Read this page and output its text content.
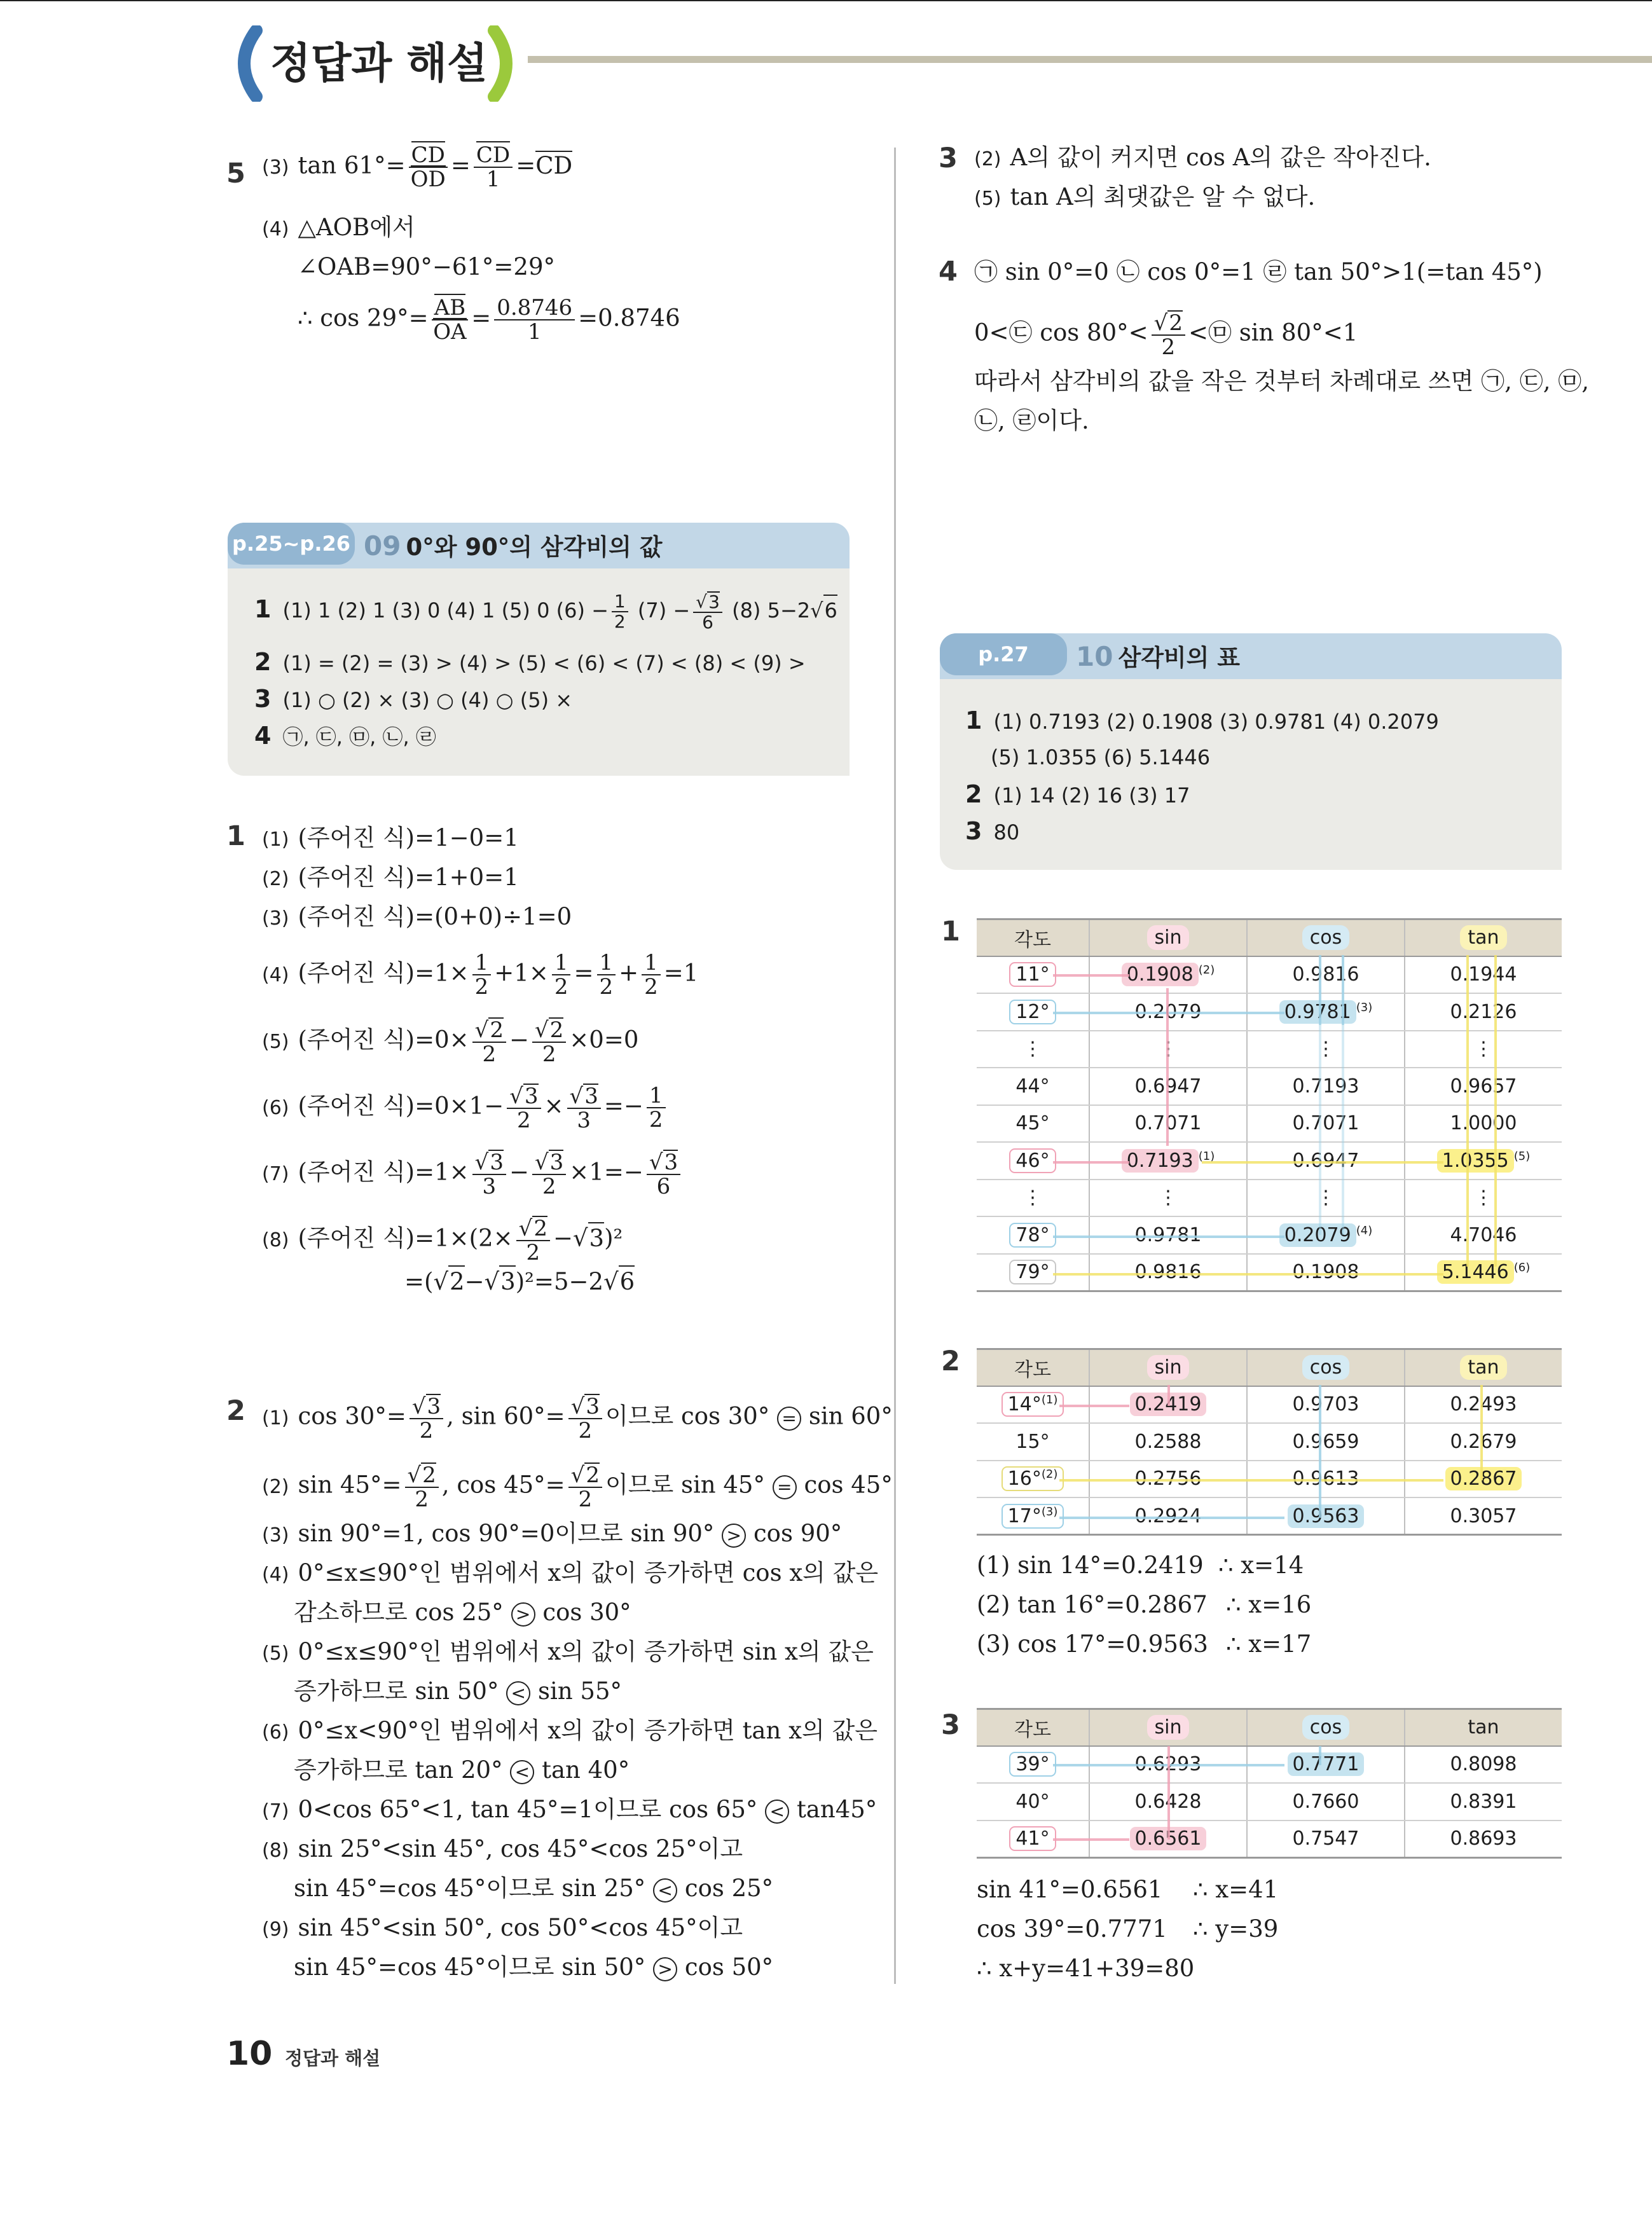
정답과 해설
5 (3) $\tan 61^\circ= \frac{CD}{OD} = \frac{CD}{1} =CD$
(4) △AOB에서
∠OAB=90°−61°=29°
∴ $\cos 29^\circ= \frac{AB}{OA} = \frac{0.8746}{1} =0.8746$
p.25~p.26 09 0°와 90°의 삼각비의 값
1 (1) 1 (2) 1 (3) 0 (4) 1 (5) 0 $(6) - \frac{1}{2} (7) - \frac{√3}{6} (8)$ 5−2√6
2 (1) = (2) = (3) > (4) > (5) < (6) < (7) < (8) < (9) >
3 (1) ○ (2) × (3) ○ (4) ○ (5) ×
4 ㉠, ㉢, ㉤, ㉡, ㉣
1 (1) (주어진 식)=1−0=1
(2) (주어진 식)=1+0=1
(3) (주어진 식)=(0+0)÷1=0
(4) (주어진 식)$=1\times \frac{1}{2} +1\times \frac{1}{2} = \frac{1}{2} + \frac{1}{2} =1$
(5) (주어진 식)$=0\times \frac{√2}{2} - \frac{√2}{2} \times 0=0$
(6) (주어진 식)$=0\times 1- \frac{√3}{2} \times \frac{√3}{3} =- \frac{1}{2}$
(7) (주어진 식)$=1\times \frac{√3}{3} - \frac{√3}{2} \times 1=- \frac{√3}{6}$
(8) (주어진 식)$=1\times(2\times \frac{√2}{2} -√3)^2$
=(√2−√3)²=5−2√6
2 (1) $\cos 30^\circ= \frac{√3}{2}$ , $\sin 60^\circ= \frac{√3}{2}$ 이므로 cos 30° = sin 60°
(2) $\sin 45^\circ= \frac{√2}{2}$ , $\cos 45^\circ= \frac{√2}{2}$ 이므로 sin 45° = cos 45°
(3) sin 90°=1, cos 90°=0이므로 sin 90° > cos 90°
(4) 0°≤x≤90°인 범위에서 x의 값이 증가하면 cos x의 값은
감소하므로 cos 25° > cos 30°
(5) 0°≤x≤90°인 범위에서 x의 값이 증가하면 sin x의 값은
증가하므로 sin 50° < sin 55°
(6) 0°≤x<90°인 범위에서 x의 값이 증가하면 tan x의 값은
증가하므로 tan 20° < tan 40°
(7) 0<cos 65°<1, tan 45°=1이므로 cos 65° < tan45°
(8) sin 25°<sin 45°, cos 45°<cos 25°이고
sin 45°=cos 45°이므로 sin 25° < cos 25°
(9) sin 45°<sin 50°, cos 50°<cos 45°이고
sin 45°=cos 45°이므로 sin 50° > cos 50°
10 정답과 해설
3 (2) A의 값이 커지면 cos A의 값은 작아진다.
(5) tan A의 최댓값은 알 수 없다.
4 ㉠ sin 0°=0 ㉡ cos 0°=1 ㉣ tan 50°>1(=tan 45°)
0<㉢ $\cos 80^\circ< \frac{√2}{2}$ <㉤ sin 80°<1
따라서 삼각비의 값을 작은 것부터 차례대로 쓰면 ㉠, ㉢, ㉤,
㉡, ㉣이다.
p.27	10 삼각비의 표
1 (1) 0.7193 (2) 0.1908 (3) 0.9781 (4) 0.2079
(5) 1.0355 (6) 5.1446
2 (1) 14 (2) 16 (3) 17
3 80
1	각도	sin	cos	tan
11°	0.1908 $^{(2)}$	0.9816	0.1944
12°	0.2079	0.9781 $^{(3)}$	0.2126
⋮	⋮	⋮	⋮
44°	0.6947	0.7193	0.9657
45°	0.7071	0.7071	1.0000
46°	0.7193 $^{(1)}$	0.6947	1.0355 $^{(5)}$
⋮	⋮	⋮	⋮
78°	0.9781	0.2079 $^{(4)}$	4.7046
79°	0.9816	0.1908	5.1446 $^{(6)}$
2	각도	sin	cos	tan
14°$^{(1)}$	0.2419	0.9703	0.2493
15°	0.2588	0.9659	0.2679
16°$^{(2)}$	0.2756	0.9613	0.2867
17°$^{(3)}$	0.2924	0.9563	0.3057
(1) sin 14°=0.2419 ∴ x=14
(2) tan 16°=0.2867 ∴ x=16
(3) cos 17°=0.9563 ∴ x=17
3	각도	sin	cos	tan
39°	0.6293	0.7771	0.8098
40°	0.6428	0.7660	0.8391
41°	0.6561	0.7547	0.8693
sin 41°=0.6561 ∴ x=41
cos 39°=0.7771 ∴ y=39
∴ x+y=41+39=80
